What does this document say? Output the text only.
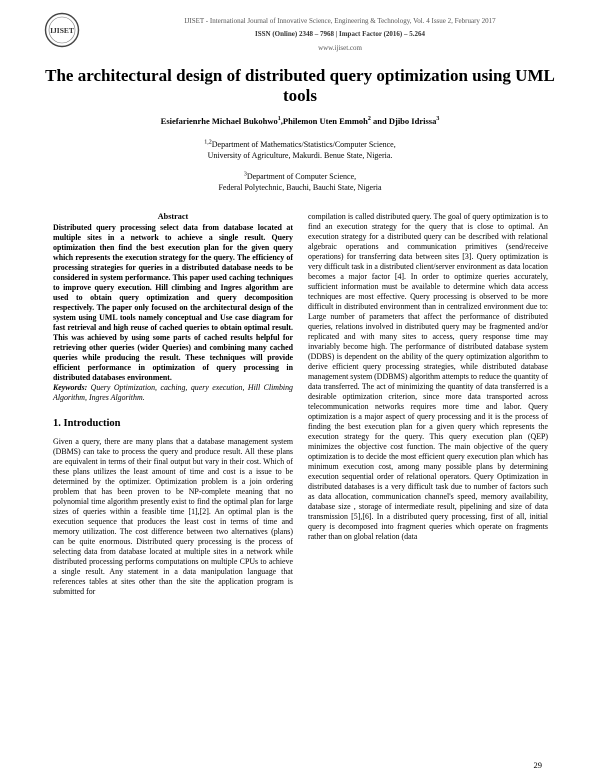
IJISET
IJISET - International Journal of Innovative Science, Engineering & Technology, Vol. 4 Issue 2, February 2017
ISSN (Online) 2348 – 7968 | Impact Factor (2016) – 5.264
www.ijiset.com
The architectural design of distributed query optimization using UML tools
Esiefarienrhe Michael Bukohwo$^1$,Philemon Uten Emmoh$^2$ and Djibo Idrissa$^3$
$^{1,2}$Department of Mathematics/Statistics/Computer Science,
University of Agriculture, Makurdi. Benue State, Nigeria.
$^3$Department of Computer Science,
Federal Polytechnic, Bauchi, Bauchi State, Nigeria
Abstract

Distributed query processing select data from database located at multiple sites in a network to achieve a single result. Query optimization then find the best execution plan for the given query which represents the execution strategy for the query. The efficiency of processing strategies for queries in a distributed database needs to be considered in system performance. This paper used caching techniques to improve query execution. Hill climbing and Ingres algorithm are used to obtain query optimization and query decomposition respectively. The paper only focused on the architectural design of the system using UML tools namely conceptual and Use case diagram for fast retrieval and high reuse of cached queries to obtain optimal result. This was achieved by using some parts of cached results helpful for retrieving other queries (wider Queries) and combining many cached queries while producing the result. These techniques will provide efficient performance in optimization of query processing in distributed databases environment.

Keywords: Query Optimization, caching, query execution, Hill Climbing Algorithm, Ingres Algorithm.

1. Introduction

Given a query, there are many plans that a database management system (DBMS) can take to process the query and produce result. All these plans are equivalent in terms of their final output but vary in their cost. Which of these plans utilizes the least amount of time and cost is a issue to be determined by the optimizer. Optimization problem is a join ordering problem that has been proven to be NP-complete meaning that no polynomial time algorithm presently exist to find the optimal plan for large sizes of queries within a feasible time [1],[2]. An optimal plan is the execution sequence that produces the least cost in terms of time and memory utilization. The cost difference between two alternatives (plans) can be quite enormous. Distributed query processing is the process of selecting data from database located at multiple sites in a network while distributed processing performs computations on multiple CPUs to achieve a single result. Any statement in a data manipulation language that references tables at sites other than the site the application program is submitted for

compilation is called distributed query. The goal of query optimization is to find an execution strategy for the query that is close to optimal. An execution strategy for a distributed query can be described with relational algebraic operations and communication primitives (send/receive operations) for transferring data between sites [3]. Query optimization is very difficult task in a distributed client/server environment as data location becomes a major factor [4]. In order to optimize queries accurately, sufficient information must be available to determine which data access techniques are most effective. Query processing is observed to be more difficult in distributed environment than in centralized environment due to: Large number of parameters that affect the performance of distributed queries, relations involved in distributed query may be fragmented and/or replicated and with many sites to access, query response time may invariably become high. The performance of distributed database system (DDBS) is dependent on the ability of the query optimization algorithm to derive efficient query processing strategies, while distributed database management system (DDBMS) algorithm attempts to reduce the quantity of data transferred. The act of minimizing the quantity of data transferred is a desirable optimization criterion, since more data transported across telecommunication networks requires more time and labor. Query optimization is a major aspect of query processing and it is the process of finding the best execution plan for a given query which represents the execution strategy for the query. This query execution plan (QEP) minimizes the objective cost function. The main objective of the query optimization is to decide the most efficient query execution plan which has minimum execution cost, among many possible plans by determining execution sequential order of relational operators. Query Optimization in distributed databases is a very difficult task due to number of factors such as data allocation, communication channel's speed, memory availability, database size , storage of intermediate result, pipelining and size of data transmission [5],[6]. In a distributed query processing, first of all, initial query is decomposed into fragment queries which operate on fragments rather than on global relation (data

29
